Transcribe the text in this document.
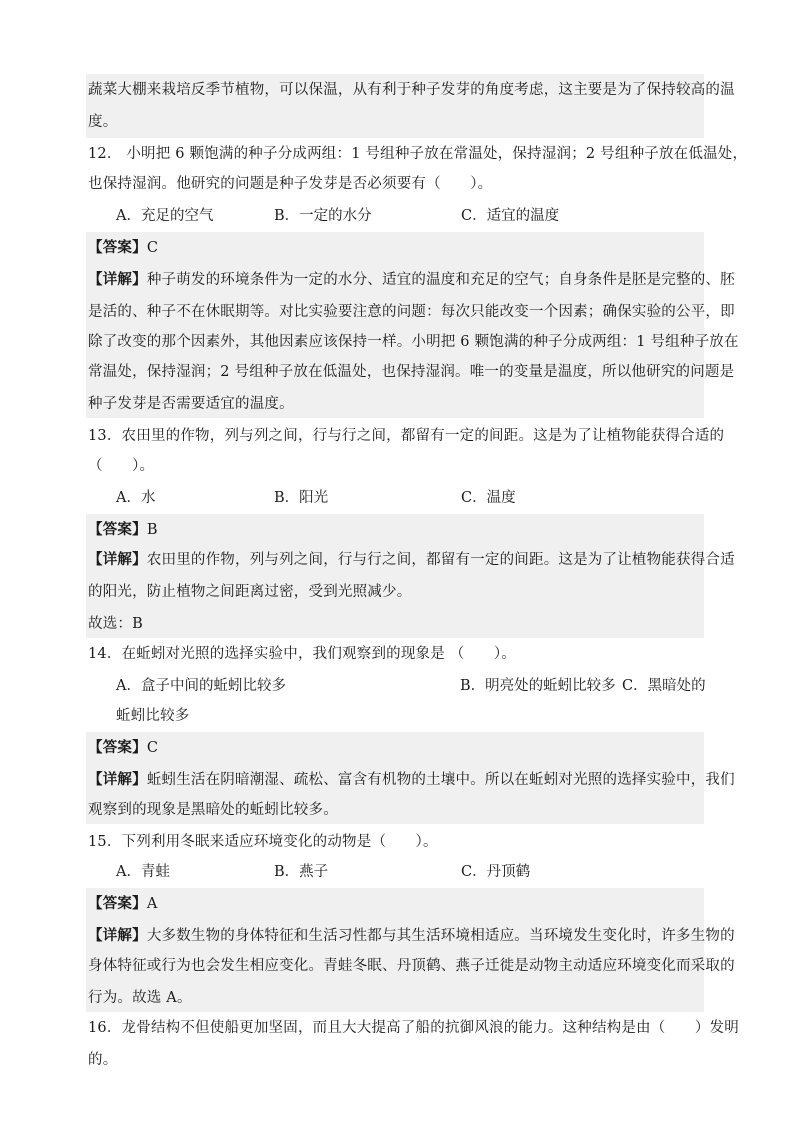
蔬菜大棚来栽培反季节植物，可以保温，从有利于种子发芽的角度考虑，这主要是为了保持较高的温
度。
12． 小明把 6 颗饱满的种子分成两组：1 号组种子放在常温处，保持湿润；2 号组种子放在低温处，
也保持湿润。他研究的问题是种子发芽是否必须要有（　　）。
A．充足的空气	B．一定的水分	C．适宜的温度
【答案】C
【详解】种子萌发的环境条件为一定的水分、适宜的温度和充足的空气；自身条件是胚是完整的、胚
是活的、种子不在休眠期等。对比实验要注意的问题：每次只能改变一个因素；确保实验的公平，即
除了改变的那个因素外，其他因素应该保持一样。小明把 6 颗饱满的种子分成两组：1 号组种子放在
常温处，保持湿润；2 号组种子放在低温处，也保持湿润。唯一的变量是温度，所以他研究的问题是
种子发芽是否需要适宜的温度。
13．农田里的作物，列与列之间，行与行之间，都留有一定的间距。这是为了让植物能获得合适的
（　　）。
A．水	B．阳光	C．温度
【答案】B
【详解】农田里的作物，列与列之间，行与行之间，都留有一定的间距。这是为了让植物能获得合适
的阳光，防止植物之间距离过密，受到光照减少。
故选：B
14．在蚯蚓对光照的选择实验中，我们观察到的现象是 （　　）。
A．盒子中间的蚯蚓比较多	B．明亮处的蚯蚓比较多 C．黑暗处的
蚯蚓比较多
【答案】C
【详解】蚯蚓生活在阴暗潮湿、疏松、富含有机物的土壤中。所以在蚯蚓对光照的选择实验中，我们
观察到的现象是黑暗处的蚯蚓比较多。
15．下列利用冬眠来适应环境变化的动物是（　　）。
A．青蛙	B．燕子	C．丹顶鹤
【答案】A
【详解】大多数生物的身体特征和生活习性都与其生活环境相适应。当环境发生变化时，许多生物的
身体特征或行为也会发生相应变化。青蛙冬眠、丹顶鹤、燕子迁徙是动物主动适应环境变化而采取的
行为。故选 A。
16．龙骨结构不但使船更加坚固，而且大大提高了船的抗御风浪的能力。这种结构是由（　　）发明
的。
